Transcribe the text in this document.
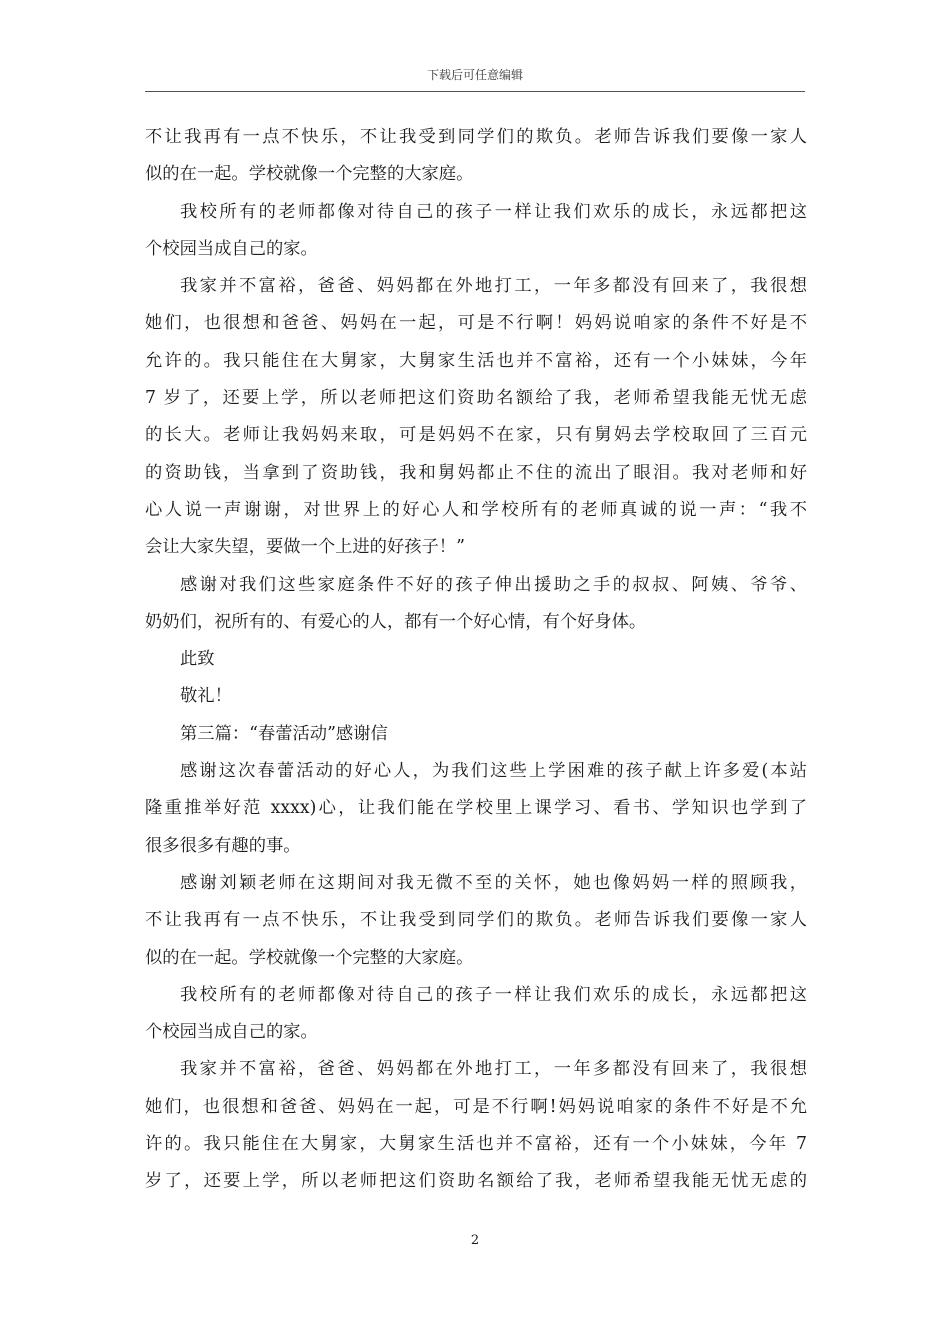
下载后可任意编辑
不让我再有一点不快乐，不让我受到同学们的欺负。老师告诉我们要像一家人
似的在一起。学校就像一个完整的大家庭。
我校所有的老师都像对待自己的孩子一样让我们欢乐的成长，永远都把这
个校园当成自己的家。
我家并不富裕，爸爸、妈妈都在外地打工，一年多都没有回来了，我很想
她们，也很想和爸爸、妈妈在一起，可是不行啊！妈妈说咱家的条件不好是不
允许的。我只能住在大舅家，大舅家生活也并不富裕，还有一个小妹妹，今年
7 岁了，还要上学，所以老师把这们资助名额给了我，老师希望我能无忧无虑
的长大。老师让我妈妈来取，可是妈妈不在家，只有舅妈去学校取回了三百元
的资助钱，当拿到了资助钱，我和舅妈都止不住的流出了眼泪。我对老师和好
心人说一声谢谢，对世界上的好心人和学校所有的老师真诚的说一声：“我不
会让大家失望，要做一个上进的好孩子！”
感谢对我们这些家庭条件不好的孩子伸出援助之手的叔叔、阿姨、爷爷、
奶奶们，祝所有的、有爱心的人，都有一个好心情，有个好身体。
此致
敬礼！
第三篇：“春蕾活动”感谢信
感谢这次春蕾活动的好心人，为我们这些上学困难的孩子献上许多爱(本站
隆重推举好范 xxxx)心，让我们能在学校里上课学习、看书、学知识也学到了
很多很多有趣的事。
感谢刘颖老师在这期间对我无微不至的关怀，她也像妈妈一样的照顾我，
不让我再有一点不快乐，不让我受到同学们的欺负。老师告诉我们要像一家人
似的在一起。学校就像一个完整的大家庭。
我校所有的老师都像对待自己的孩子一样让我们欢乐的成长，永远都把这
个校园当成自己的家。
我家并不富裕，爸爸、妈妈都在外地打工，一年多都没有回来了，我很想
她们，也很想和爸爸、妈妈在一起，可是不行啊!妈妈说咱家的条件不好是不允
许的。我只能住在大舅家，大舅家生活也并不富裕，还有一个小妹妹，今年 7
岁了，还要上学，所以老师把这们资助名额给了我，老师希望我能无忧无虑的
2
